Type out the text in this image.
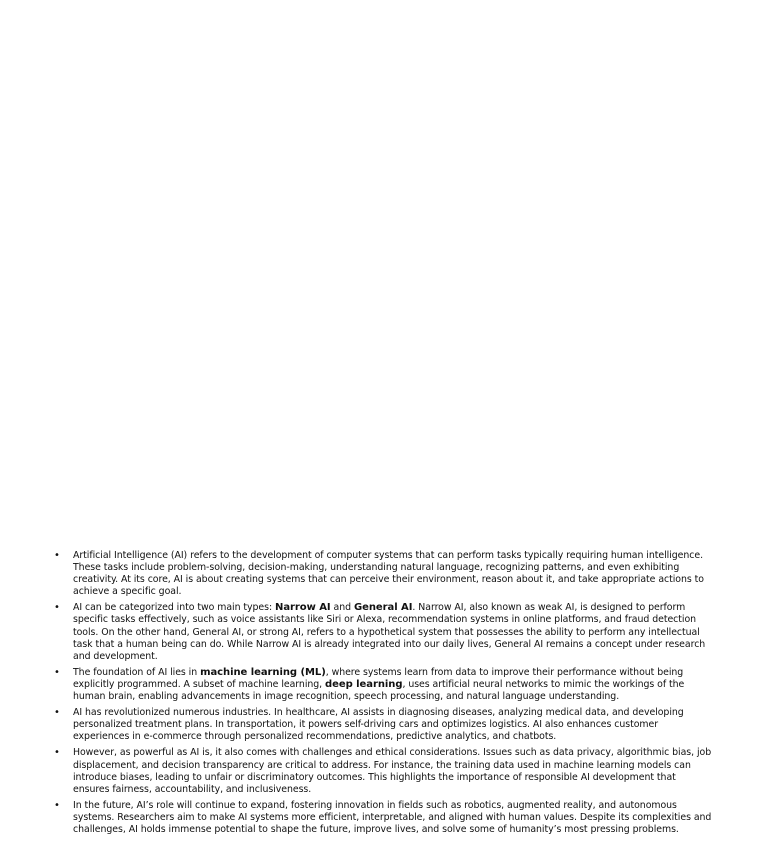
• Artificial Intelligence (AI) refers to the development of computer systems that can perform tasks typically requiring human intelligence. These tasks include problem-solving, decision-making, understanding natural language, recognizing patterns, and even exhibiting creativity. At its core, AI is about creating systems that can perceive their environment, reason about it, and take appropriate actions to achieve a specific goal.
• AI can be categorized into two main types: Narrow AI and General AI. Narrow AI, also known as weak AI, is designed to perform specific tasks effectively, such as voice assistants like Siri or Alexa, recommendation systems in online platforms, and fraud detection tools. On the other hand, General AI, or strong AI, refers to a hypothetical system that possesses the ability to perform any intellectual task that a human being can do. While Narrow AI is already integrated into our daily lives, General AI remains a concept under research and development.
• The foundation of AI lies in machine learning (ML), where systems learn from data to improve their performance without being explicitly programmed. A subset of machine learning, deep learning, uses artificial neural networks to mimic the workings of the human brain, enabling advancements in image recognition, speech processing, and natural language understanding.
• AI has revolutionized numerous industries. In healthcare, AI assists in diagnosing diseases, analyzing medical data, and developing personalized treatment plans. In transportation, it powers self-driving cars and optimizes logistics. AI also enhances customer experiences in e-commerce through personalized recommendations, predictive analytics, and chatbots.
• However, as powerful as AI is, it also comes with challenges and ethical considerations. Issues such as data privacy, algorithmic bias, job displacement, and decision transparency are critical to address. For instance, the training data used in machine learning models can introduce biases, leading to unfair or discriminatory outcomes. This highlights the importance of responsible AI development that ensures fairness, accountability, and inclusiveness.
• In the future, AI’s role will continue to expand, fostering innovation in fields such as robotics, augmented reality, and autonomous systems. Researchers aim to make AI systems more efficient, interpretable, and aligned with human values. Despite its complexities and challenges, AI holds immense potential to shape the future, improve lives, and solve some of humanity’s most pressing problems.
